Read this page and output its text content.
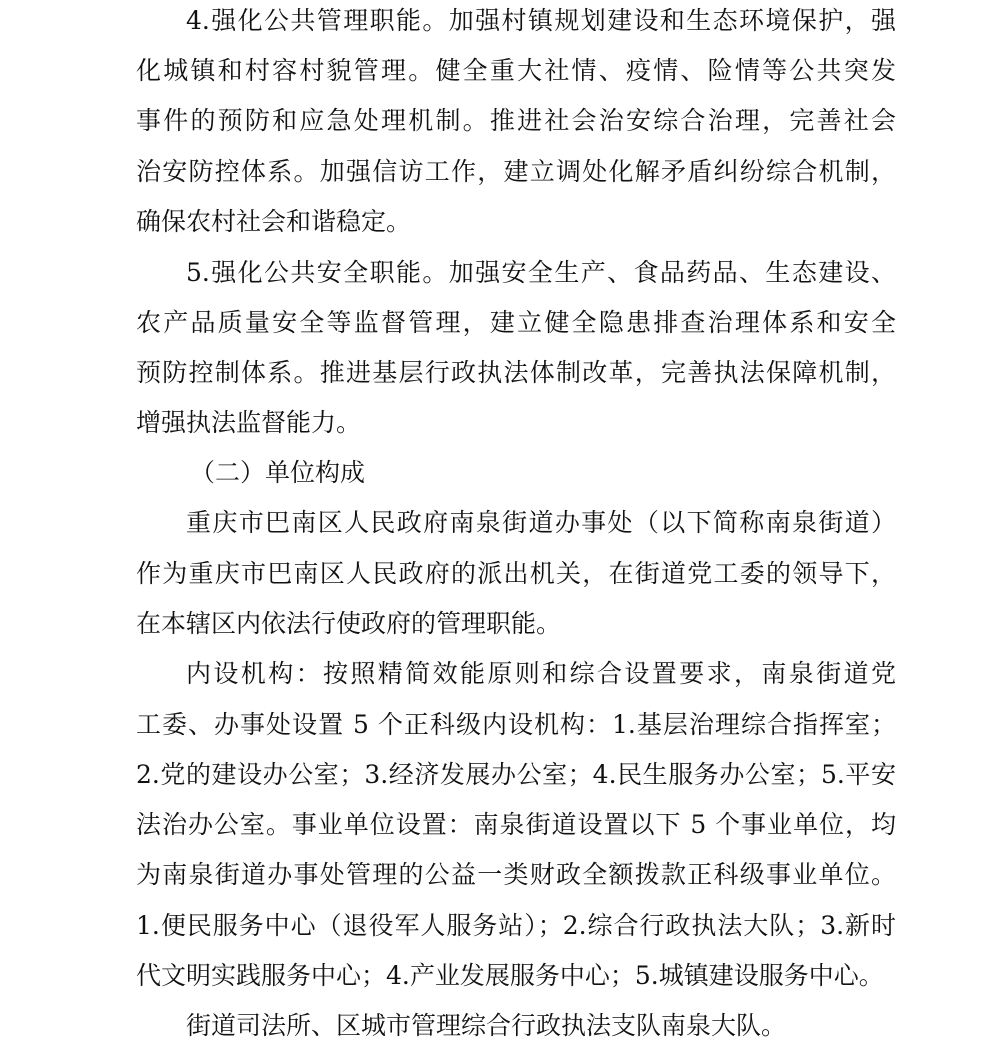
4.强化公共管理职能。加强村镇规划建设和生态环境保护，强
化城镇和村容村貌管理。健全重大社情、疫情、险情等公共突发
事件的预防和应急处理机制。推进社会治安综合治理，完善社会
治安防控体系。加强信访工作，建立调处化解矛盾纠纷综合机制，
确保农村社会和谐稳定。
5.强化公共安全职能。加强安全生产、食品药品、生态建设、
农产品质量安全等监督管理，建立健全隐患排查治理体系和安全
预防控制体系。推进基层行政执法体制改革，完善执法保障机制，
增强执法监督能力。
（二）单位构成
重庆市巴南区人民政府南泉街道办事处（以下简称南泉街道）
作为重庆市巴南区人民政府的派出机关，在街道党工委的领导下，
在本辖区内依法行使政府的管理职能。
内设机构：按照精简效能原则和综合设置要求，南泉街道党
工委、办事处设置 5 个正科级内设机构：1.基层治理综合指挥室；
2.党的建设办公室；3.经济发展办公室；4.民生服务办公室；5.平安
法治办公室。事业单位设置：南泉街道设置以下 5 个事业单位，均
为南泉街道办事处管理的公益一类财政全额拨款正科级事业单位。
1.便民服务中心（退役军人服务站）；2.综合行政执法大队；3.新时
代文明实践服务中心；4.产业发展服务中心；5.城镇建设服务中心。
街道司法所、区城市管理综合行政执法支队南泉大队。
